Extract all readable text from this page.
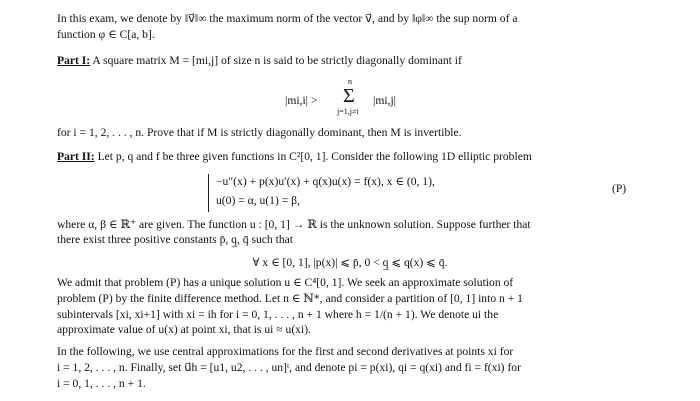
In this exam, we denote by ‖v⃗‖∞ the maximum norm of the vector v⃗, and by ‖φ‖∞ the sup norm of a
function φ ∈ C[a, b].
Part I: A square matrix M = [mi,j] of size n is said to be strictly diagonally dominant if
|mi,i| >
n
Σ
j=1,j≠i
|mi,j|
for i = 1, 2, . . . , n. Prove that if M is strictly diagonally dominant, then M is invertible.
Part II: Let p, q and f be three given functions in C²[0, 1]. Consider the following 1D elliptic problem
−u″(x) + p(x)u′(x) + q(x)u(x) = f(x), x ∈ (0, 1),
u(0) = α, u(1) = β,
(P)
where α, β ∈ ℝ⁺ are given. The function u : [0, 1] → ℝ is the unknown solution. Suppose further that
there exist three positive constants p̄, q̲, q̄ such that
∀ x ∈ [0, 1], |p(x)| ⩽ p̄, 0 < q̲ ⩽ q(x) ⩽ q̄.
We admit that problem (P) has a unique solution u ∈ C⁴[0, 1]. We seek an approximate solution of
problem (P) by the finite difference method. Let n ∈ ℕ*, and consider a partition of [0, 1] into n + 1
subintervals [xi, xi+1] with xi = ih for i = 0, 1, . . . , n + 1 where h = 1/(n + 1). We denote ui the
approximate value of u(x) at point xi, that is ui ≈ u(xi).
In the following, we use central approximations for the first and second derivatives at points xi for
i = 1, 2, . . . , n. Finally, set u⃗h = [u1, u2, . . . , un]ᵗ, and denote pi = p(xi), qi = q(xi) and fi = f(xi) for
i = 0, 1, . . . , n + 1.
